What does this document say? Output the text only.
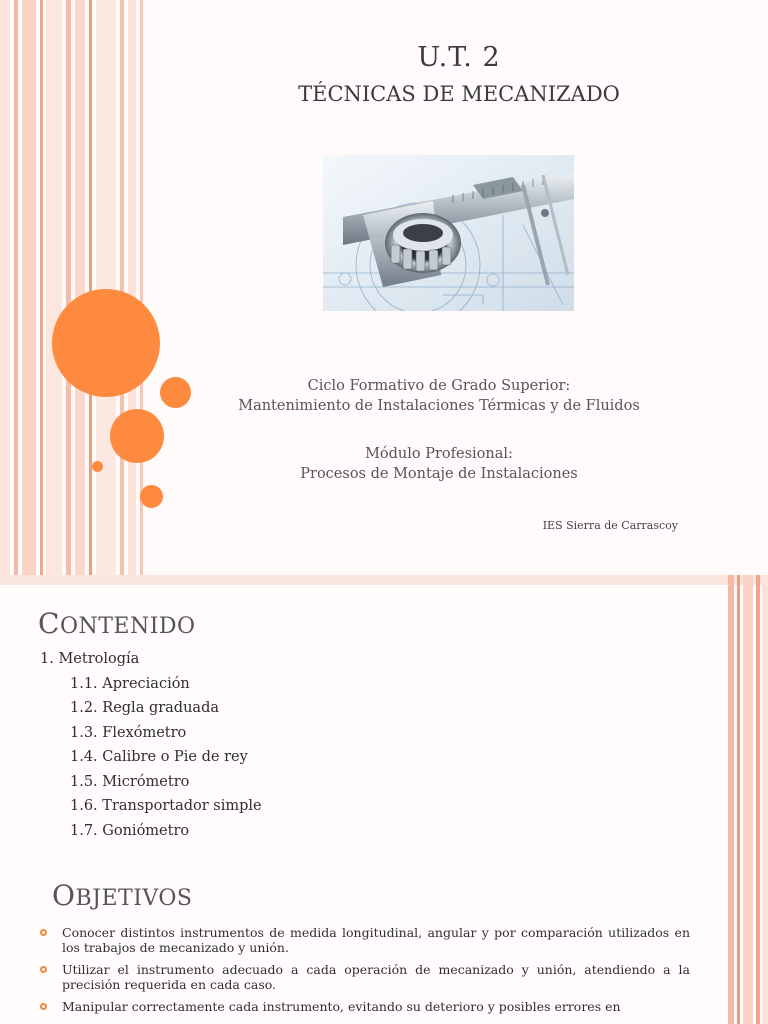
U.T. 2
TÉCNICAS DE MECANIZADO
Ciclo Formativo de Grado Superior:
Mantenimiento de Instalaciones Térmicas y de Fluidos
Módulo Profesional:
Procesos de Montaje de Instalaciones
IES Sierra de Carrascoy
CONTENIDO
1. Metrología
1.1. Apreciación
1.2. Regla graduada
1.3. Flexómetro
1.4. Calibre o Pie de rey
1.5. Micrómetro
1.6. Transportador simple
1.7. Goniómetro
OBJETIVOS
Conocer distintos instrumentos de medida longitudinal, angular y por comparación utilizados en los trabajos de mecanizado y unión.
Utilizar el instrumento adecuado a cada operación de mecanizado y unión, atendiendo a la precisión requerida en cada caso.
Manipular correctamente cada instrumento, evitando su deterioro y posibles errores en
